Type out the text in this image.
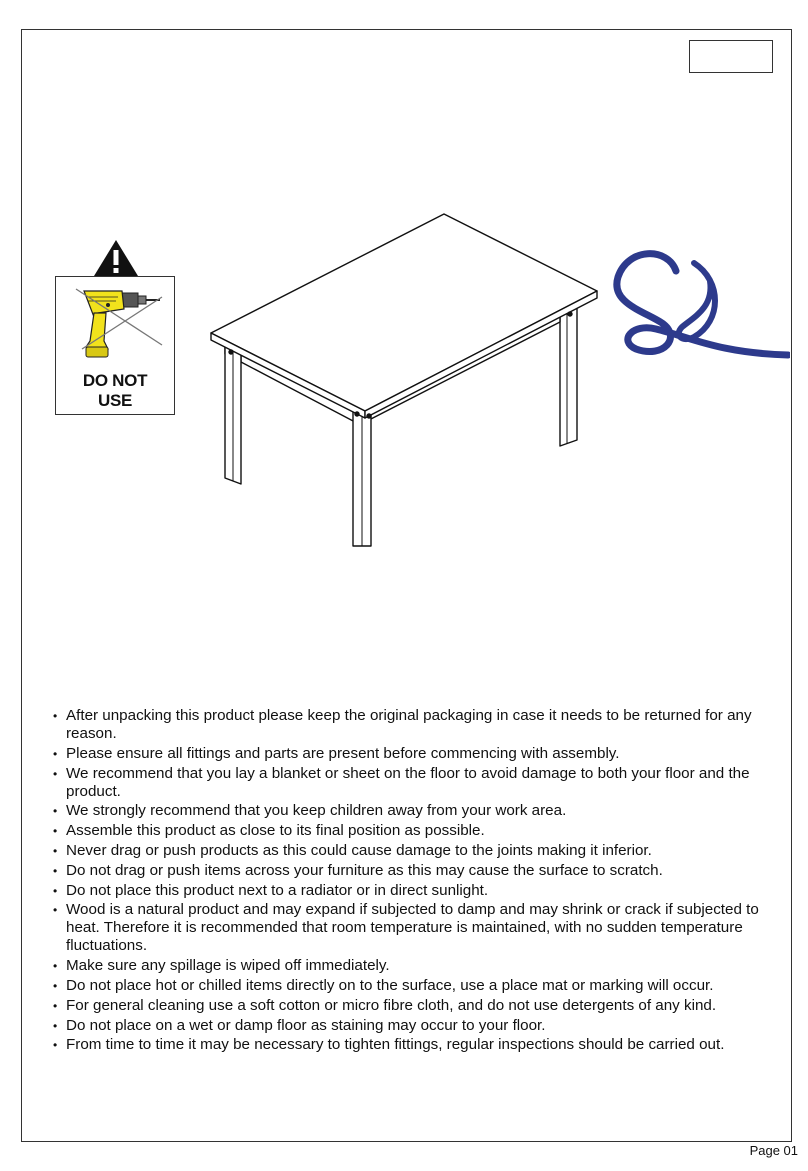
DO NOT
USE
• After unpacking this product please keep the original packaging in case it needs to be returned for any reason.
• Please ensure all fittings and parts are present before commencing with assembly.
• We recommend that you lay a blanket or sheet on the floor to avoid damage to both your floor and the product.
• We strongly recommend that you keep children away from your work area.
• Assemble this product as close to its final position as possible.
• Never drag or push products as this could cause damage to the joints making it inferior.
• Do not drag or push items across your furniture as this may cause the surface to scratch.
• Do not place this product next to a radiator or in direct sunlight.
• Wood is a natural product and may expand if subjected to damp and may shrink or crack if subjected to heat. Therefore it is recommended that room temperature is maintained, with no sudden temperature fluctuations.
• Make sure any spillage is wiped off immediately.
• Do not place hot or chilled items directly on to the surface, use a place mat or marking will occur.
• For general cleaning use a soft cotton or micro fibre cloth, and do not use detergents of any kind.
• Do not place on a wet or damp floor as staining may occur to your floor.
• From time to time it may be necessary to tighten fittings, regular inspections should be carried out.
Page 01
